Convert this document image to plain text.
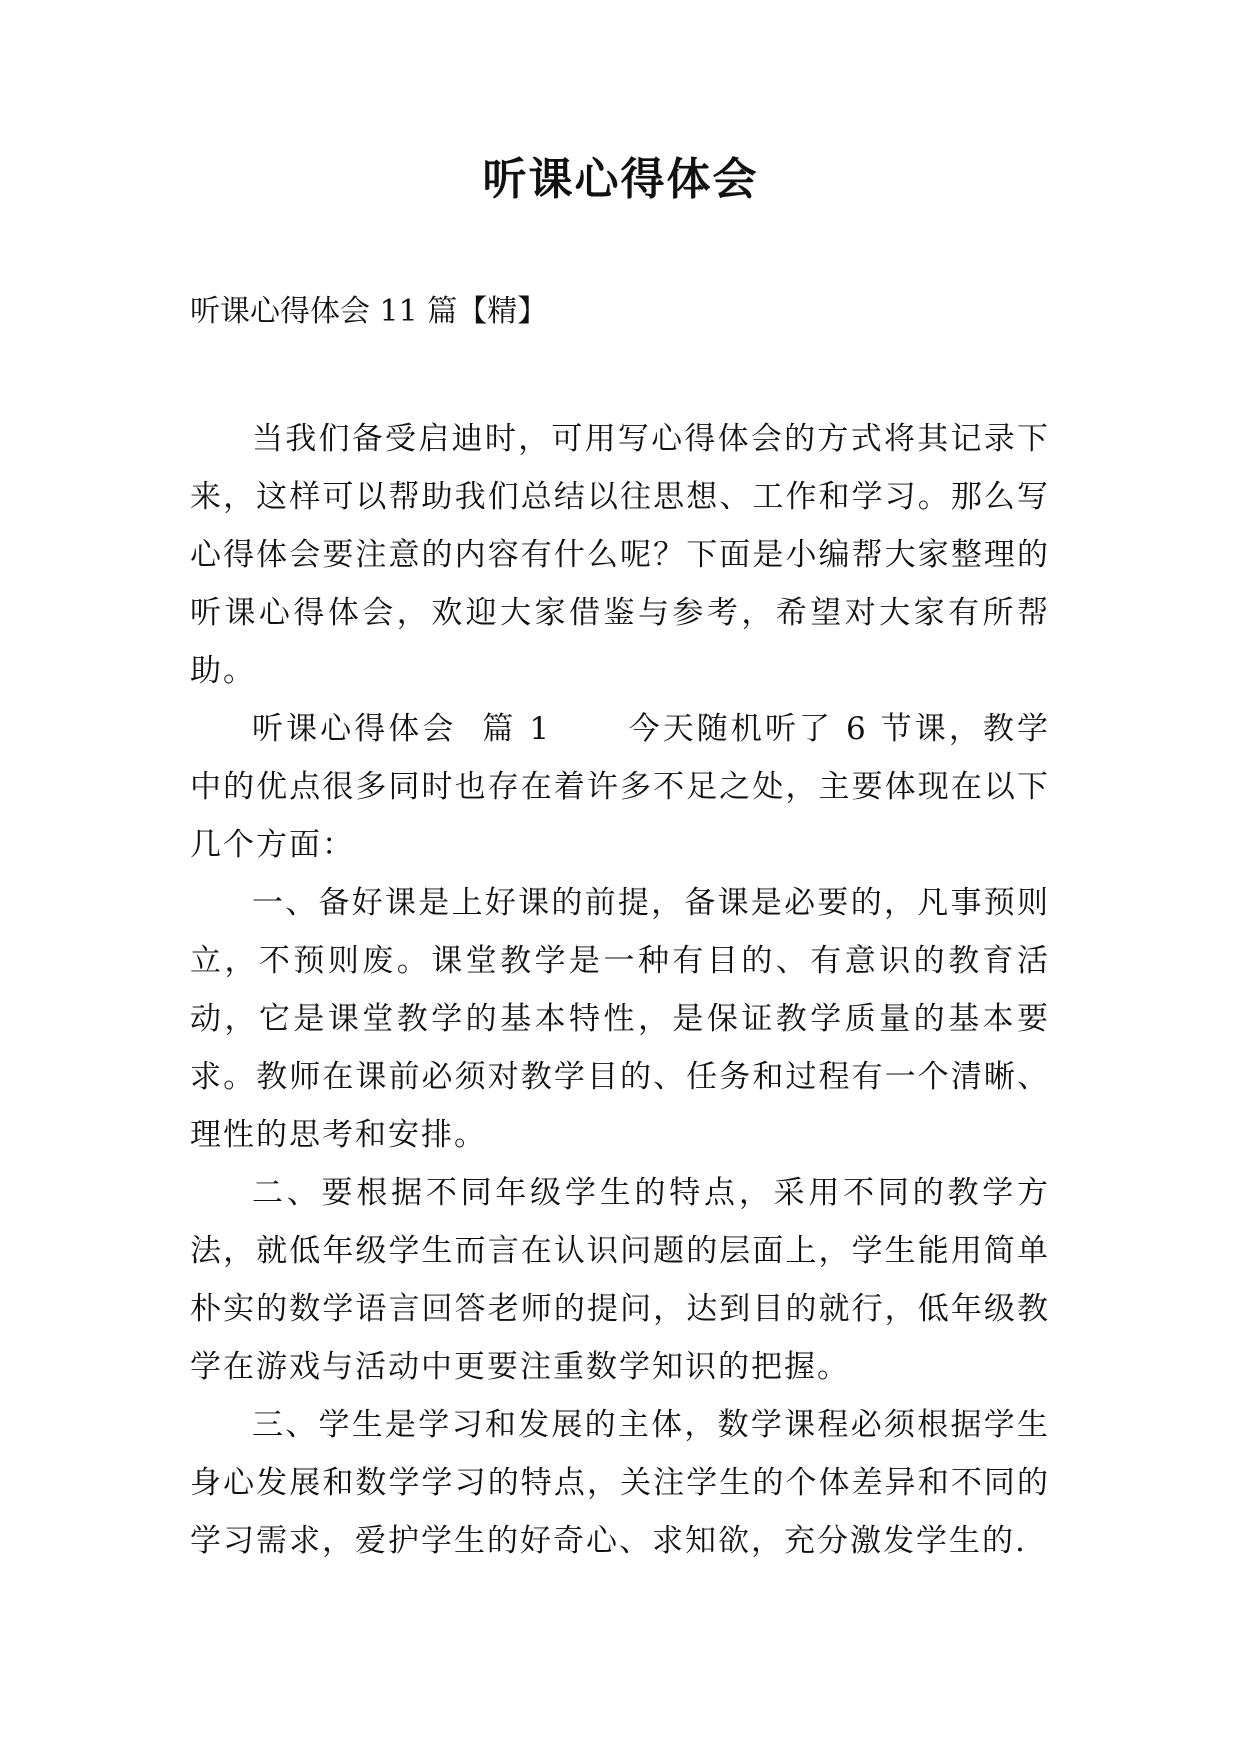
听课心得体会

听课心得体会 11 篇【精】

当我们备受启迪时，可用写心得体会的方式将其记录下来，这样可以帮助我们总结以往思想、工作和学习。那么写心得体会要注意的内容有什么呢？下面是小编帮大家整理的听课心得体会，欢迎大家借鉴与参考，希望对大家有所帮助。

听课心得体会  篇 1      今天随机听了 6 节课，教学中的优点很多同时也存在着许多不足之处，主要体现在以下几个方面：

一、备好课是上好课的前提，备课是必要的，凡事预则立，不预则废。课堂教学是一种有目的、有意识的教育活动，它是课堂教学的基本特性，是保证教学质量的基本要求。教师在课前必须对教学目的、任务和过程有一个清晰、理性的思考和安排。

二、要根据不同年级学生的特点，采用不同的教学方法，就低年级学生而言在认识问题的层面上，学生能用简单朴实的数学语言回答老师的提问，达到目的就行，低年级教学在游戏与活动中更要注重数学知识的把握。

三、学生是学习和发展的主体，数学课程必须根据学生身心发展和数学学习的特点，关注学生的个体差异和不同的学习需求，爱护学生的好奇心、求知欲，充分激发学生的.
